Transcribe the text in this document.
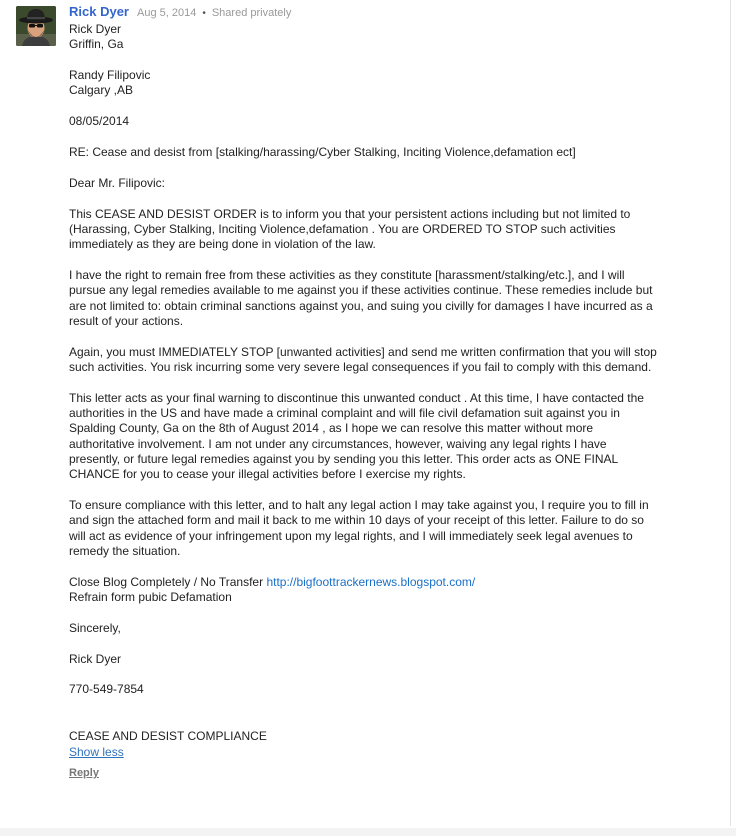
Rick Dyer Aug 5, 2014 • Shared privately

Rick Dyer

Griffin, Ga

Randy Filipovic

Calgary ,AB

08/05/2014

RE: Cease and desist from [stalking/harassing/Cyber Stalking, Inciting Violence,defamation ect]

Dear Mr. Filipovic:

This CEASE AND DESIST ORDER is to inform you that your persistent actions including but not limited to (Harassing, Cyber Stalking, Inciting Violence,defamation . You are ORDERED TO STOP such activities immediately as they are being done in violation of the law.

I have the right to remain free from these activities as they constitute [harassment/stalking/etc.], and I will pursue any legal remedies available to me against you if these activities continue. These remedies include but are not limited to: obtain criminal sanctions against you, and suing you civilly for damages I have incurred as a result of your actions.

Again, you must IMMEDIATELY STOP [unwanted activities] and send me written confirmation that you will stop such activities. You risk incurring some very severe legal consequences if you fail to comply with this demand.

This letter acts as your final warning to discontinue this unwanted conduct . At this time, I have contacted the authorities in the US and have made a criminal complaint and will file civil defamation suit against you in Spalding County, Ga on the 8th of August 2014 , as I hope we can resolve this matter without more authoritative involvement. I am not under any circumstances, however, waiving any legal rights I have presently, or future legal remedies against you by sending you this letter. This order acts as ONE FINAL CHANCE for you to cease your illegal activities before I exercise my rights.

To ensure compliance with this letter, and to halt any legal action I may take against you, I require you to fill in and sign the attached form and mail it back to me within 10 days of your receipt of this letter. Failure to do so will act as evidence of your infringement upon my legal rights, and I will immediately seek legal avenues to remedy the situation.

Close Blog Completely / No Transfer http://bigfoottrackernews.blogspot.com/

Refrain form pubic Defamation

Sincerely,

Rick Dyer

770-549-7854

CEASE AND DESIST COMPLIANCE

Show less
Reply
